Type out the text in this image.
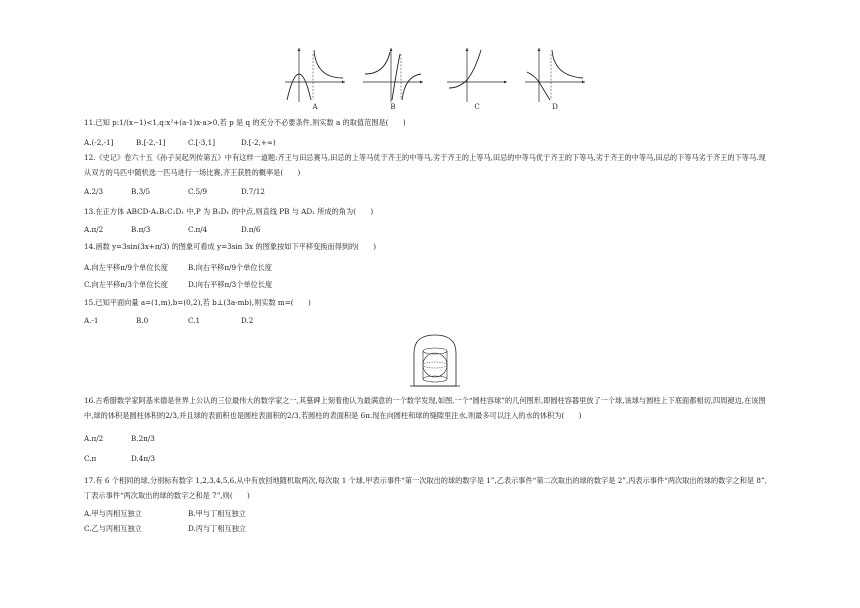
A	B	C	D
11.已知 p:1/(x−1)<1,q:x²+(a-1)x-a>0,若 p 是 q 的充分不必要条件,则实数 a 的取值范围是(　　)
A.(-2,-1]	B.[-2,-1]	C.[-3,1]	D.[-2,+∞)
12.《史记》卷六十五《孙子吴起列传第五》中有这样一道题:齐王与田忌赛马,田忌的上等马优于齐王的中等马,劣于齐王的上等马,田忌的中等马优于齐王的下等马,劣于齐王的中等马,田忌的下等马劣于齐王的下等马.现从双方的马匹中随机选一匹马进行一场比赛,齐王获胜的概率是(　　)
A.2/3	B.3/5	C.5/9	D.7/12
13.在正方体 ABCD-A₁B₁C₁D₁ 中,P 为 B₁D₁ 的中点,则直线 PB 与 AD₁ 所成的角为(　　)
A.π/2	B.π/3	C.π/4	D.π/6
14.函数 y=3sin(3x+π/3) 的图象可看成 y=3sin 3x 的图象按如下平移变换而得到的(　　)
A.向左平移π/9个单位长度	B.向右平移π/9个单位长度
C.向左平移π/3个单位长度	D.向右平移π/3个单位长度
15.已知平面向量 a=(1,m),b=(0,2),若 b⊥(3a-mb),则实数 m=(　　)
A.-1	B.0	C.1	D.2
16.古希腊数学家阿基米德是世界上公认的三位最伟大的数学家之一,其墓碑上刻着他认为最满意的一个数学发现,如图,一个“圆柱容球”的几何图形,即圆柱容器里放了一个球,该球与圆柱上下底面都相切,四周褪边,在该图中,球的体积是圆柱体积的2/3,并且球的表面积也是圆柱表面积的2/3,若圆柱的表面积是 6π.现在向圆柱和球的缝隙里注水,则最多可以注入的水的体积为(　　)
A.π/2	B.2π/3
C.π	D.4π/3
17.有 6 个相同的球,分别标有数字 1,2,3,4,5,6,从中有放回地随机取两次,每次取 1 个球,甲表示事件“第一次取出的球的数字是 1”,乙表示事件“第二次取出的球的数字是 2”,丙表示事件“两次取出的球的数字之和是 8”,丁表示事件“两次取出的球的数字之和是 7”,则(　　)
A.甲与丙相互独立	B.甲与丁相互独立
C.乙与丙相互独立	D.丙与丁相互独立
